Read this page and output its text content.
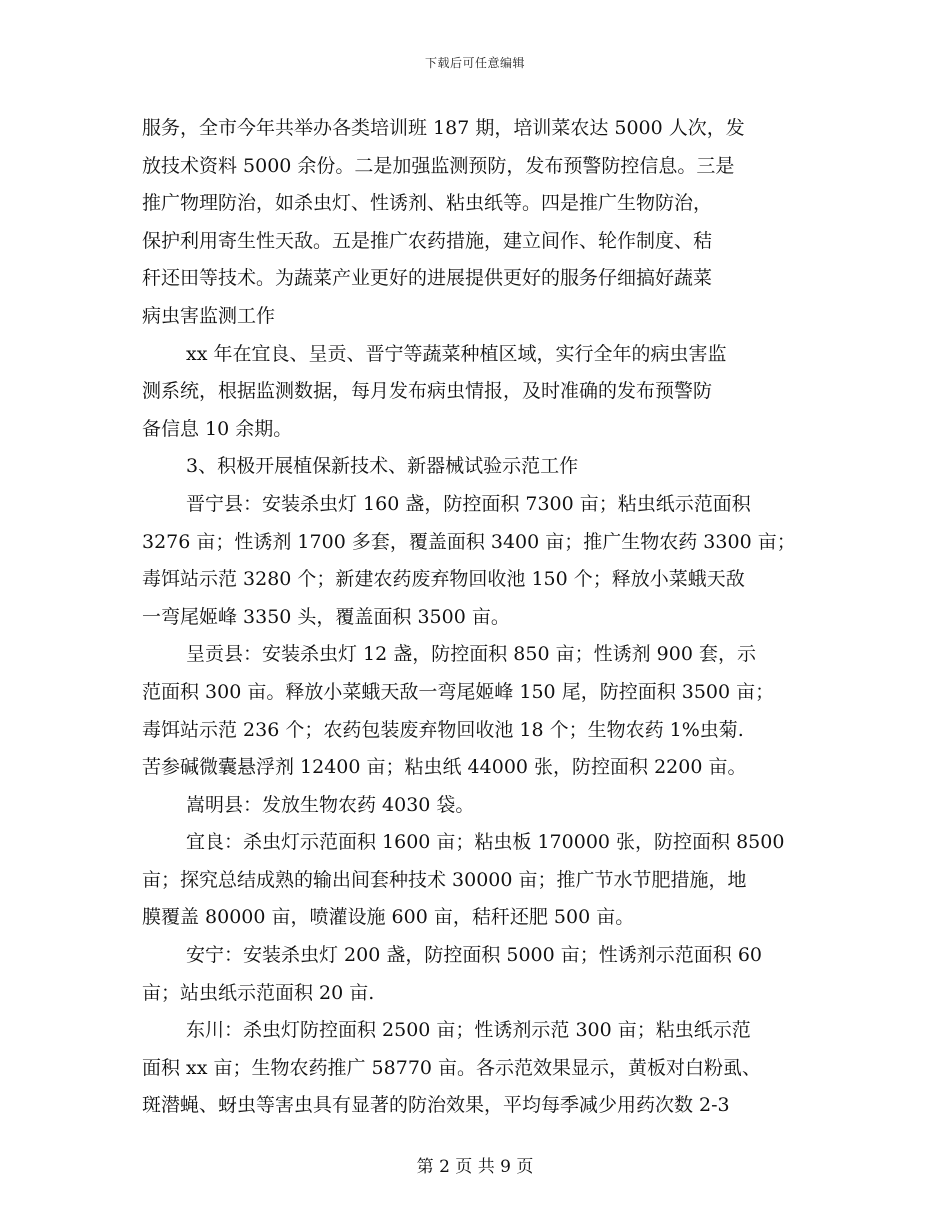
下载后可任意编辑
服务，全市今年共举办各类培训班 187 期，培训菜农达 5000 人次，发
放技术资料 5000 余份。二是加强监测预防，发布预警防控信息。三是
推广物理防治，如杀虫灯、性诱剂、粘虫纸等。四是推广生物防治，
保护利用寄生性天敌。五是推广农药措施，建立间作、轮作制度、秸
秆还田等技术。为蔬菜产业更好的进展提供更好的服务仔细搞好蔬菜
病虫害监测工作
xx 年在宜良、呈贡、晋宁等蔬菜种植区域，实行全年的病虫害监
测系统，根据监测数据，每月发布病虫情报，及时准确的发布预警防
备信息 10 余期。
3、积极开展植保新技术、新器械试验示范工作
晋宁县：安装杀虫灯 160 盏，防控面积 7300 亩；粘虫纸示范面积
3276 亩；性诱剂 1700 多套，覆盖面积 3400 亩；推广生物农药 3300 亩；
毒饵站示范 3280 个；新建农药废弃物回收池 150 个；释放小菜蛾天敌
一弯尾姬峰 3350 头，覆盖面积 3500 亩。
呈贡县：安装杀虫灯 12 盏，防控面积 850 亩；性诱剂 900 套，示
范面积 300 亩。释放小菜蛾天敌一弯尾姬峰 150 尾，防控面积 3500 亩；
毒饵站示范 236 个；农药包装废弃物回收池 18 个；生物农药 1%虫菊.
苦参碱微囊悬浮剂 12400 亩；粘虫纸 44000 张，防控面积 2200 亩。
嵩明县：发放生物农药 4030 袋。
宜良：杀虫灯示范面积 1600 亩；粘虫板 170000 张，防控面积 8500
亩；探究总结成熟的输出间套种技术 30000 亩；推广节水节肥措施，地
膜覆盖 80000 亩，喷灌设施 600 亩，秸秆还肥 500 亩。
安宁：安装杀虫灯 200 盏，防控面积 5000 亩；性诱剂示范面积 60
亩；站虫纸示范面积 20 亩.
东川：杀虫灯防控面积 2500 亩；性诱剂示范 300 亩；粘虫纸示范
面积 xx 亩；生物农药推广 58770 亩。各示范效果显示，黄板对白粉虱、
斑潜蝇、蚜虫等害虫具有显著的防治效果，平均每季减少用药次数 2-3
第 2 页 共 9 页
